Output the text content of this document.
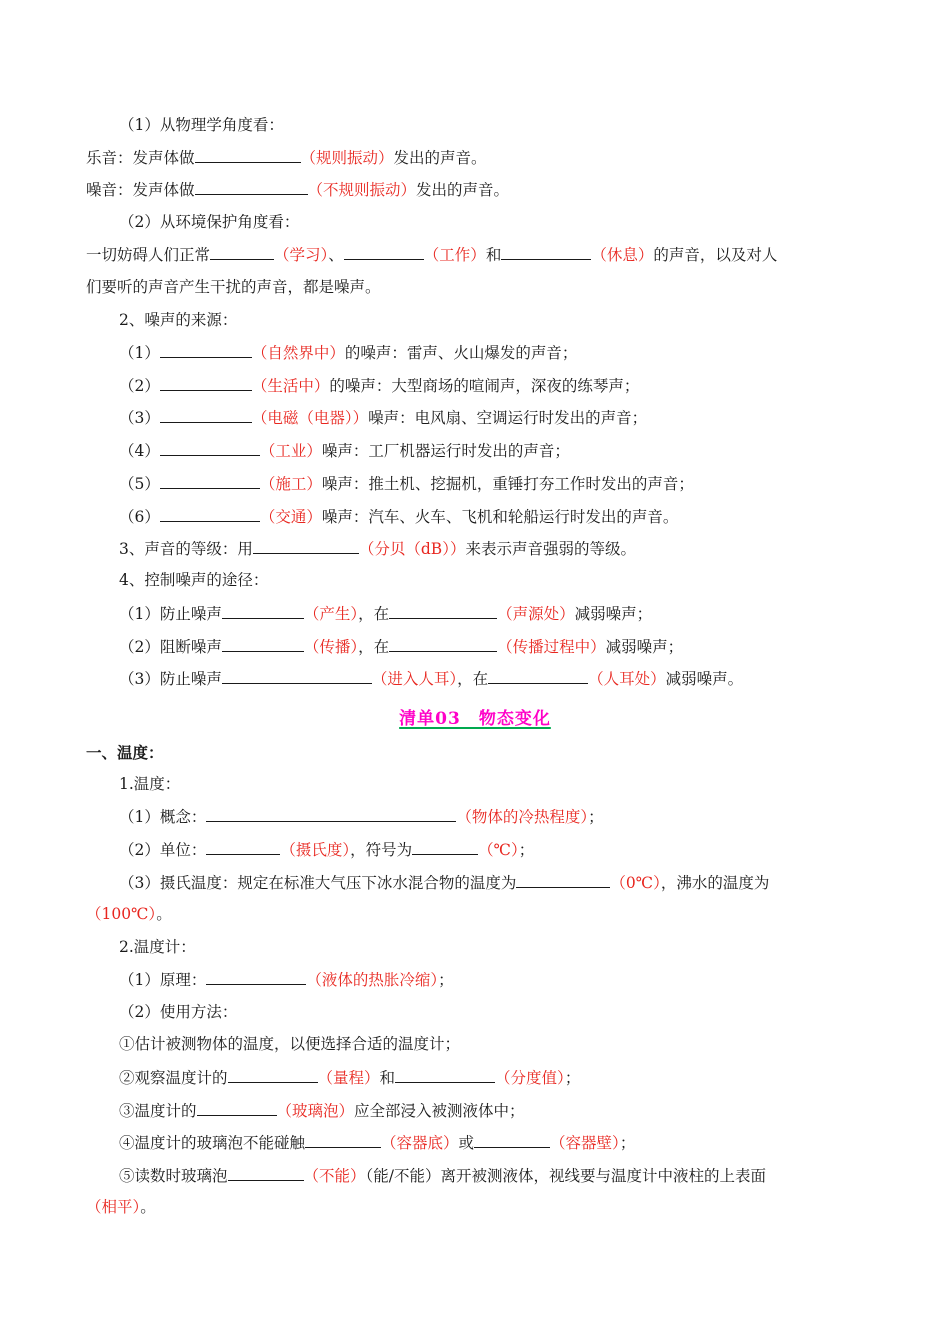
（1）从物理学角度看：
乐音：发声体做	（规则振动）发出的声音。
噪音：发声体做	（不规则振动）发出的声音。
（2）从环境保护角度看：
一切妨碍人们正常	（学习）、	（工作）和	（休息）的声音，以及对人
们要听的声音产生干扰的声音，都是噪声。
2、噪声的来源：
（1）	（自然界中）的噪声：雷声、火山爆发的声音；
（2）	（生活中）的噪声：大型商场的喧闹声，深夜的练琴声；
（3）	（电磁（电器））噪声：电风扇、空调运行时发出的声音；
（4）	（工业）噪声：工厂机器运行时发出的声音；
（5）	（施工）噪声：推土机、挖掘机，重锤打夯工作时发出的声音；
（6）	（交通）噪声：汽车、火车、飞机和轮船运行时发出的声音。
3、声音的等级：用	（分贝（dB））来表示声音强弱的等级。
4、控制噪声的途径：
（1）防止噪声	（产生），在	（声源处）减弱噪声；
（2）阻断噪声	（传播），在	（传播过程中）减弱噪声；
（3）防止噪声	（进入人耳），在	（人耳处）减弱噪声。
清单03　物态变化
一、温度：
1.温度：
（1）概念：	（物体的冷热程度）；
（2）单位：	（摄氏度），符号为	（℃）；
（3）摄氏温度：规定在标准大气压下冰水混合物的温度为	（0℃），沸水的温度为
（100℃）。
2.温度计：
（1）原理：	（液体的热胀冷缩）；
（2）使用方法：
①估计被测物体的温度，以便选择合适的温度计；
②观察温度计的	（量程）和	（分度值）；
③温度计的	（玻璃泡）应全部浸入被测液体中；
④温度计的玻璃泡不能碰触	（容器底）或	（容器壁）；
⑤读数时玻璃泡	（不能）（能/不能）离开被测液体，视线要与温度计中液柱的上表面
（相平）。
